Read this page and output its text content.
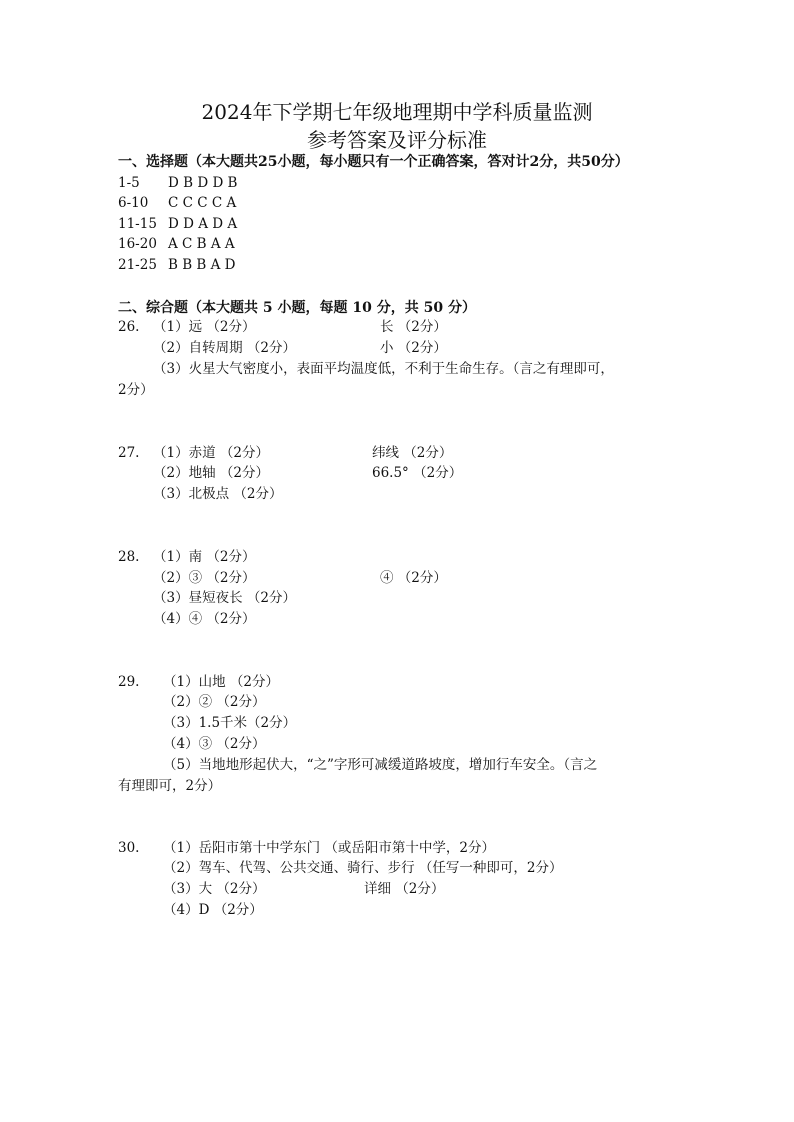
2024年下学期七年级地理期中学科质量监测
参考答案及评分标准
一、选择题（本大题共25小题，每小题只有一个正确答案，答对计2分，共50分）
1-5 D B D D B
6-10 C C C C A
11-15 D D A D A
16-20 A C B A A
21-25 B B B A D
二、综合题（本大题共 5 小题，每题 10 分，共 50 分）
26. （1）远 （2分）	长 （2分）
（2）自转周期 （2分）	小 （2分）
（3）火星大气密度小，表面平均温度低，不利于生命生存。（言之有理即可，
2分）
27. （1）赤道 （2分）	纬线 （2分）
（2）地轴 （2分）	66.5° （2分）
（3）北极点 （2分）
28. （1）南 （2分）
（2）③ （2分）	④ （2分）
（3）昼短夜长 （2分）
（4）④ （2分）
29. （1）山地 （2分）
（2）② （2分）
（3）1.5千米（2分）
（4）③ （2分）
（5）当地地形起伏大，“之”字形可减缓道路坡度，增加行车安全。（言之
有理即可，2分）
30. （1）岳阳市第十中学东门 （或岳阳市第十中学，2分）
（2）驾车、代驾、公共交通、骑行、步行 （任写一种即可，2分）
（3）大 （2分）	详细 （2分）
（4）D （2分）
